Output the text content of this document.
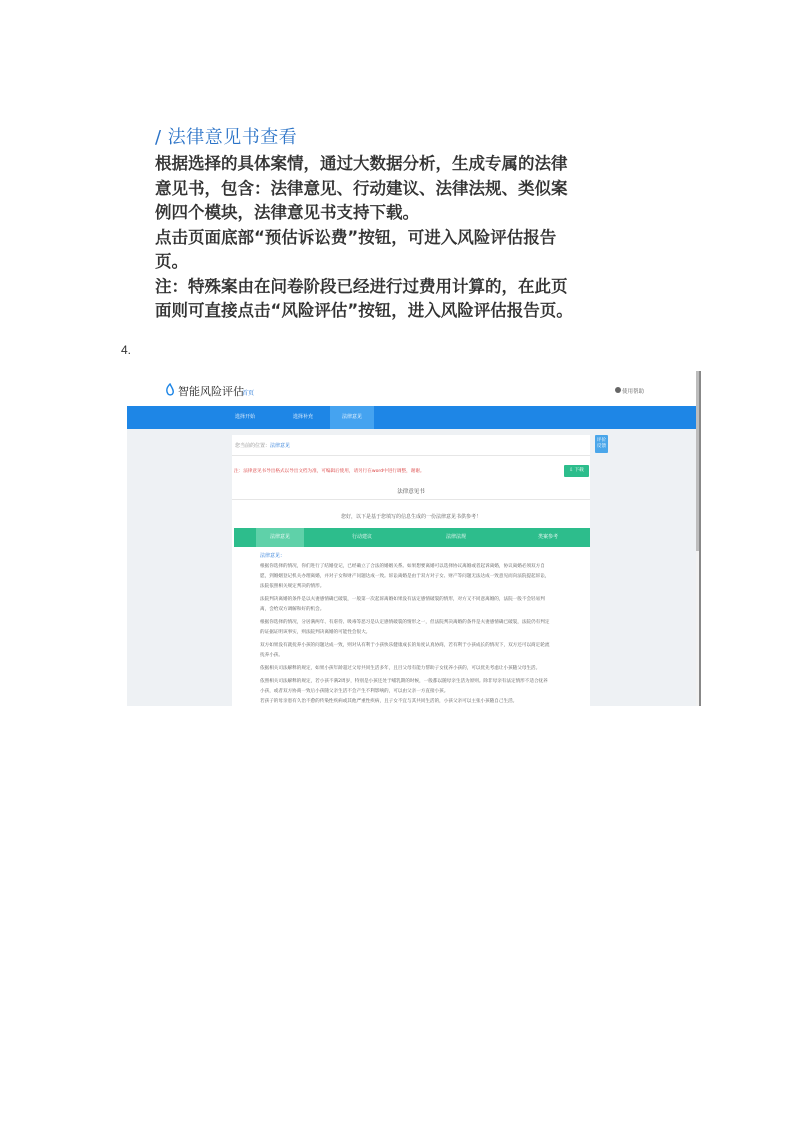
/ 法律意见书查看

根据选择的具体案情，通过大数据分析，生成专属的法律

意见书，包含：法律意见、行动建议、法律法规、类似案

例四个模块，法律意见书支持下载。

点击页面底部“预估诉讼费”按钮，可进入风险评估报告

页。

注：特殊案由在问卷阶段已经进行过费用计算的，在此页

面则可直接点击“风险评估”按钮，进入风险评估报告页。

4.
智能风险评估
首页	使用帮助
选择开始	选择补充	法律意见
您当前的位置：法律意见
注：法律意见书导出格式以导出文档为准，可编辑后使用，请另行在word中进行调整，谢谢。	⇩ 下载
法律意见书
您好，以下是基于您填写的信息生成的一份法律意见书供参考！
法律意见	行动建议	法律法规	类案参考
法律意见：
根据你选择的情况，你们进行了结婚登记，已经确立了合法的婚姻关系。如果想要离婚可以选择协议离婚或者起诉离婚，协议离婚必须双方自
愿，到婚姻登记机关办理离婚，并对子女和财产问题达成一致。诉讼离婚是由于双方对子女、财产等问题无法达成一致意见而向法院提起诉讼，
法院依照相关规定判决的情形。
法院判决离婚的条件是以夫妻感情确已破裂，一般第一次起诉离婚如果没有法定感情破裂的情形，对方又不同意离婚的，法院一般不会轻易判
离，会给双方调解和好的机会。
根据你选择的情况，分居满两年、有虐待、吸毒等恶习是认定感情破裂的情形之一，但法院判决离婚的条件是夫妻感情确已破裂，法院仍有判定
的证据证明该事实，则法院判决离婚的可能性会很大。
双方如果没有就抚养小孩的问题达成一致，则对从有利于小孩快乐健康成长的角度认真协商，若有利于小孩成长的情况下，双方还可以商定轮流
抚养小孩。
依据相关司法解释的规定，如果小孩年龄超过父母共同生活多年，且目父母有能力帮助子女抚养小孩的，可以优先考虑让小孩随父母生活。
依照相关司法解释的规定，若小孩不满2周岁，特别是小孩还处于哺乳期的时候，一般都以随母亲生活为原则。除非母亲有法定情形不适合抚养
小孩，或者双方协商一致后小孩随父亲生活不会产生不利影响的，可以由父亲一方直接小孩。
若孩子的母亲患有久治不愈的传染性疾病或其他严重性疾病，且子女不宜与其共同生活的，小孩父亲可以主张小孩随自己生活。
评价
反馈
